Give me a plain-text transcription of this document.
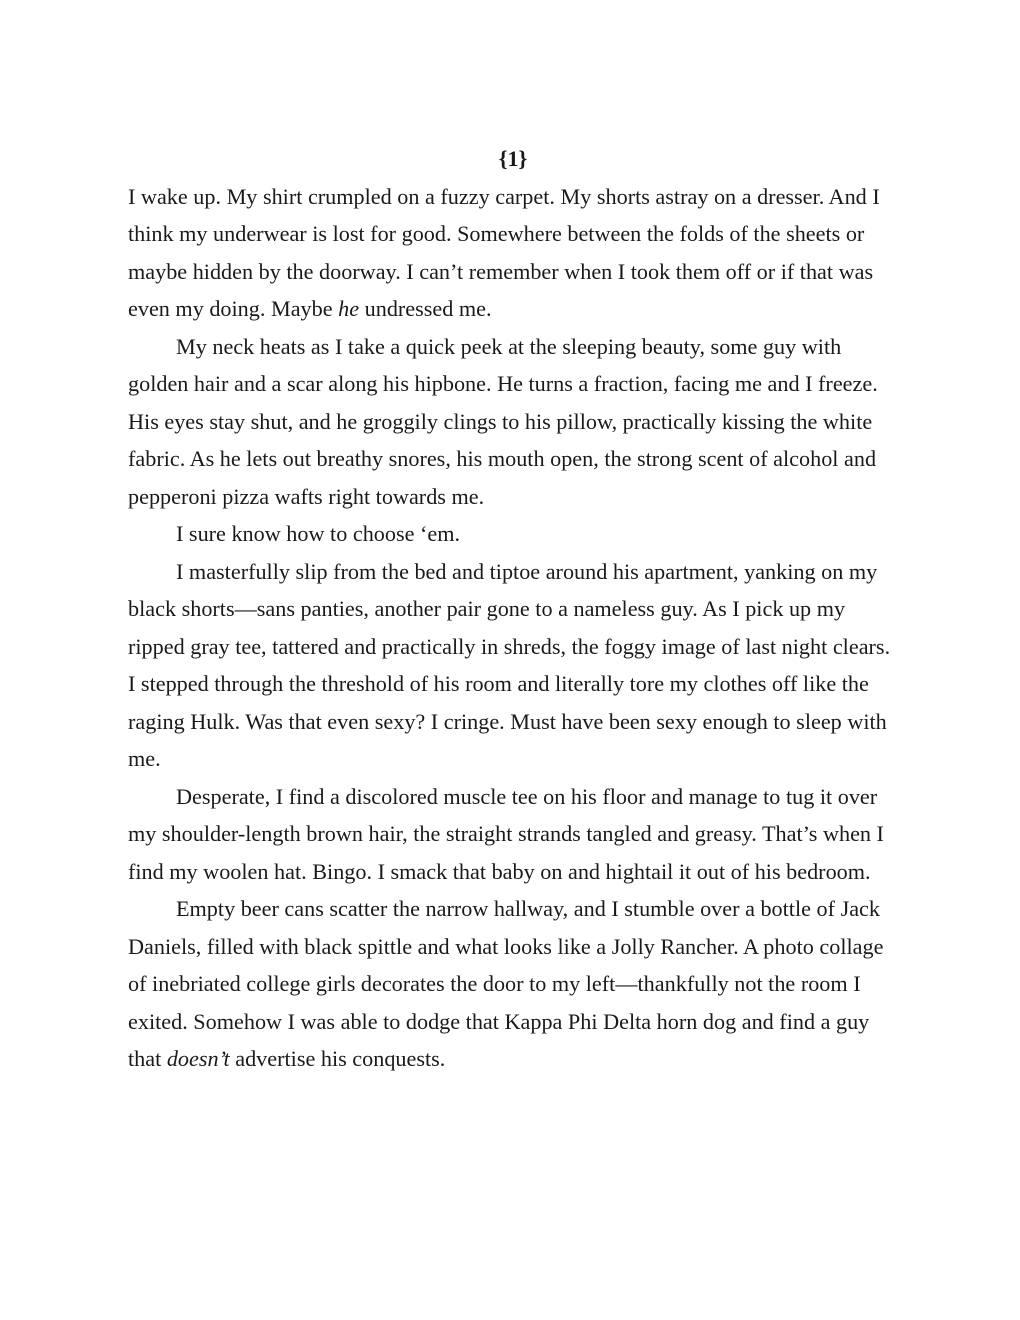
{1}

I wake up. My shirt crumpled on a fuzzy carpet. My shorts astray on a dresser. And I think my underwear is lost for good. Somewhere between the folds of the sheets or maybe hidden by the doorway. I can’t remember when I took them off or if that was even my doing. Maybe he undressed me.

My neck heats as I take a quick peek at the sleeping beauty, some guy with golden hair and a scar along his hipbone. He turns a fraction, facing me and I freeze. His eyes stay shut, and he groggily clings to his pillow, practically kissing the white fabric. As he lets out breathy snores, his mouth open, the strong scent of alcohol and pepperoni pizza wafts right towards me.

I sure know how to choose ‘em.

I masterfully slip from the bed and tiptoe around his apartment, yanking on my black shorts—sans panties, another pair gone to a nameless guy. As I pick up my ripped gray tee, tattered and practically in shreds, the foggy image of last night clears. I stepped through the threshold of his room and literally tore my clothes off like the raging Hulk. Was that even sexy? I cringe. Must have been sexy enough to sleep with me.

Desperate, I find a discolored muscle tee on his floor and manage to tug it over my shoulder-length brown hair, the straight strands tangled and greasy. That’s when I find my woolen hat. Bingo. I smack that baby on and hightail it out of his bedroom.

Empty beer cans scatter the narrow hallway, and I stumble over a bottle of Jack Daniels, filled with black spittle and what looks like a Jolly Rancher. A photo collage of inebriated college girls decorates the door to my left—thankfully not the room I exited. Somehow I was able to dodge that Kappa Phi Delta horn dog and find a guy that doesn’t advertise his conquests.
